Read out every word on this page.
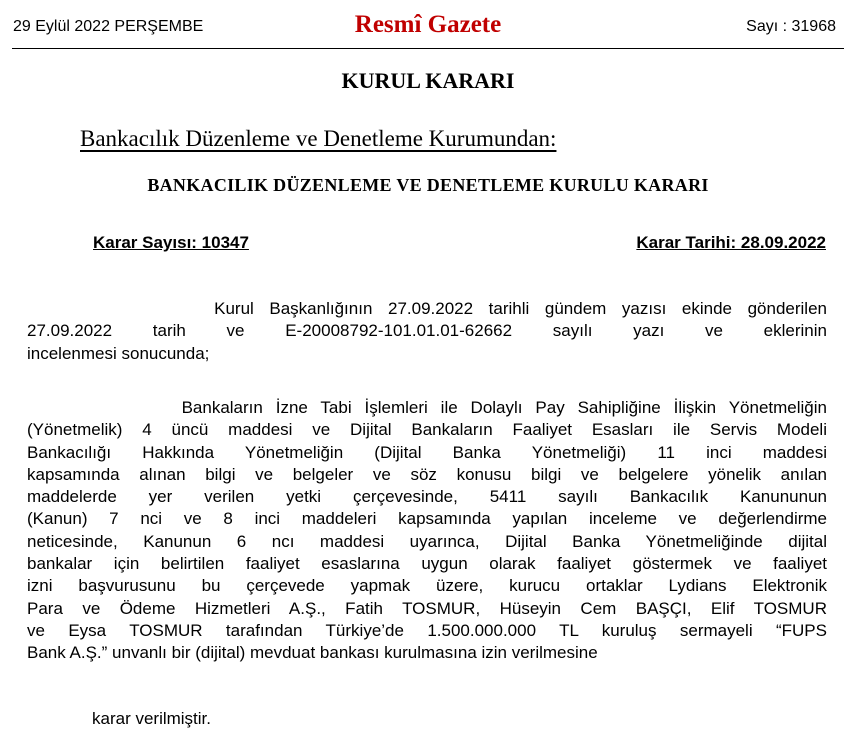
29 Eylül 2022 PERŞEMBE	Resmî Gazete	Sayı : 31968
KURUL KARARI
Bankacılık Düzenleme ve Denetleme Kurumundan:
BANKACILIK DÜZENLEME VE DENETLEME KURULU KARARI
Karar Sayısı: 10347	Karar Tarihi: 28.09.2022
Kurul Başkanlığının 27.09.2022 tarihli gündem yazısı ekinde gönderilen
27.09.2022 tarih ve E-20008792-101.01.01-62662 sayılı yazı ve eklerinin
incelenmesi sonucunda;
Bankaların İzne Tabi İşlemleri ile Dolaylı Pay Sahipliğine İlişkin Yönetmeliğin
(Yönetmelik) 4 üncü maddesi ve Dijital Bankaların Faaliyet Esasları ile Servis Modeli
Bankacılığı Hakkında Yönetmeliğin (Dijital Banka Yönetmeliği) 11 inci maddesi
kapsamında alınan bilgi ve belgeler ve söz konusu bilgi ve belgelere yönelik anılan
maddelerde yer verilen yetki çerçevesinde, 5411 sayılı Bankacılık Kanununun
(Kanun) 7 nci ve 8 inci maddeleri kapsamında yapılan inceleme ve değerlendirme
neticesinde, Kanunun 6 ncı maddesi uyarınca, Dijital Banka Yönetmeliğinde dijital
bankalar için belirtilen faaliyet esaslarına uygun olarak faaliyet göstermek ve faaliyet
izni başvurusunu bu çerçevede yapmak üzere, kurucu ortaklar Lydians Elektronik
Para ve Ödeme Hizmetleri A.Ş., Fatih TOSMUR, Hüseyin Cem BAŞÇI, Elif TOSMUR
ve Eysa TOSMUR tarafından Türkiye’de 1.500.000.000 TL kuruluş sermayeli “FUPS
Bank A.Ş.” unvanlı bir (dijital) mevduat bankası kurulmasına izin verilmesine
karar verilmiştir.
